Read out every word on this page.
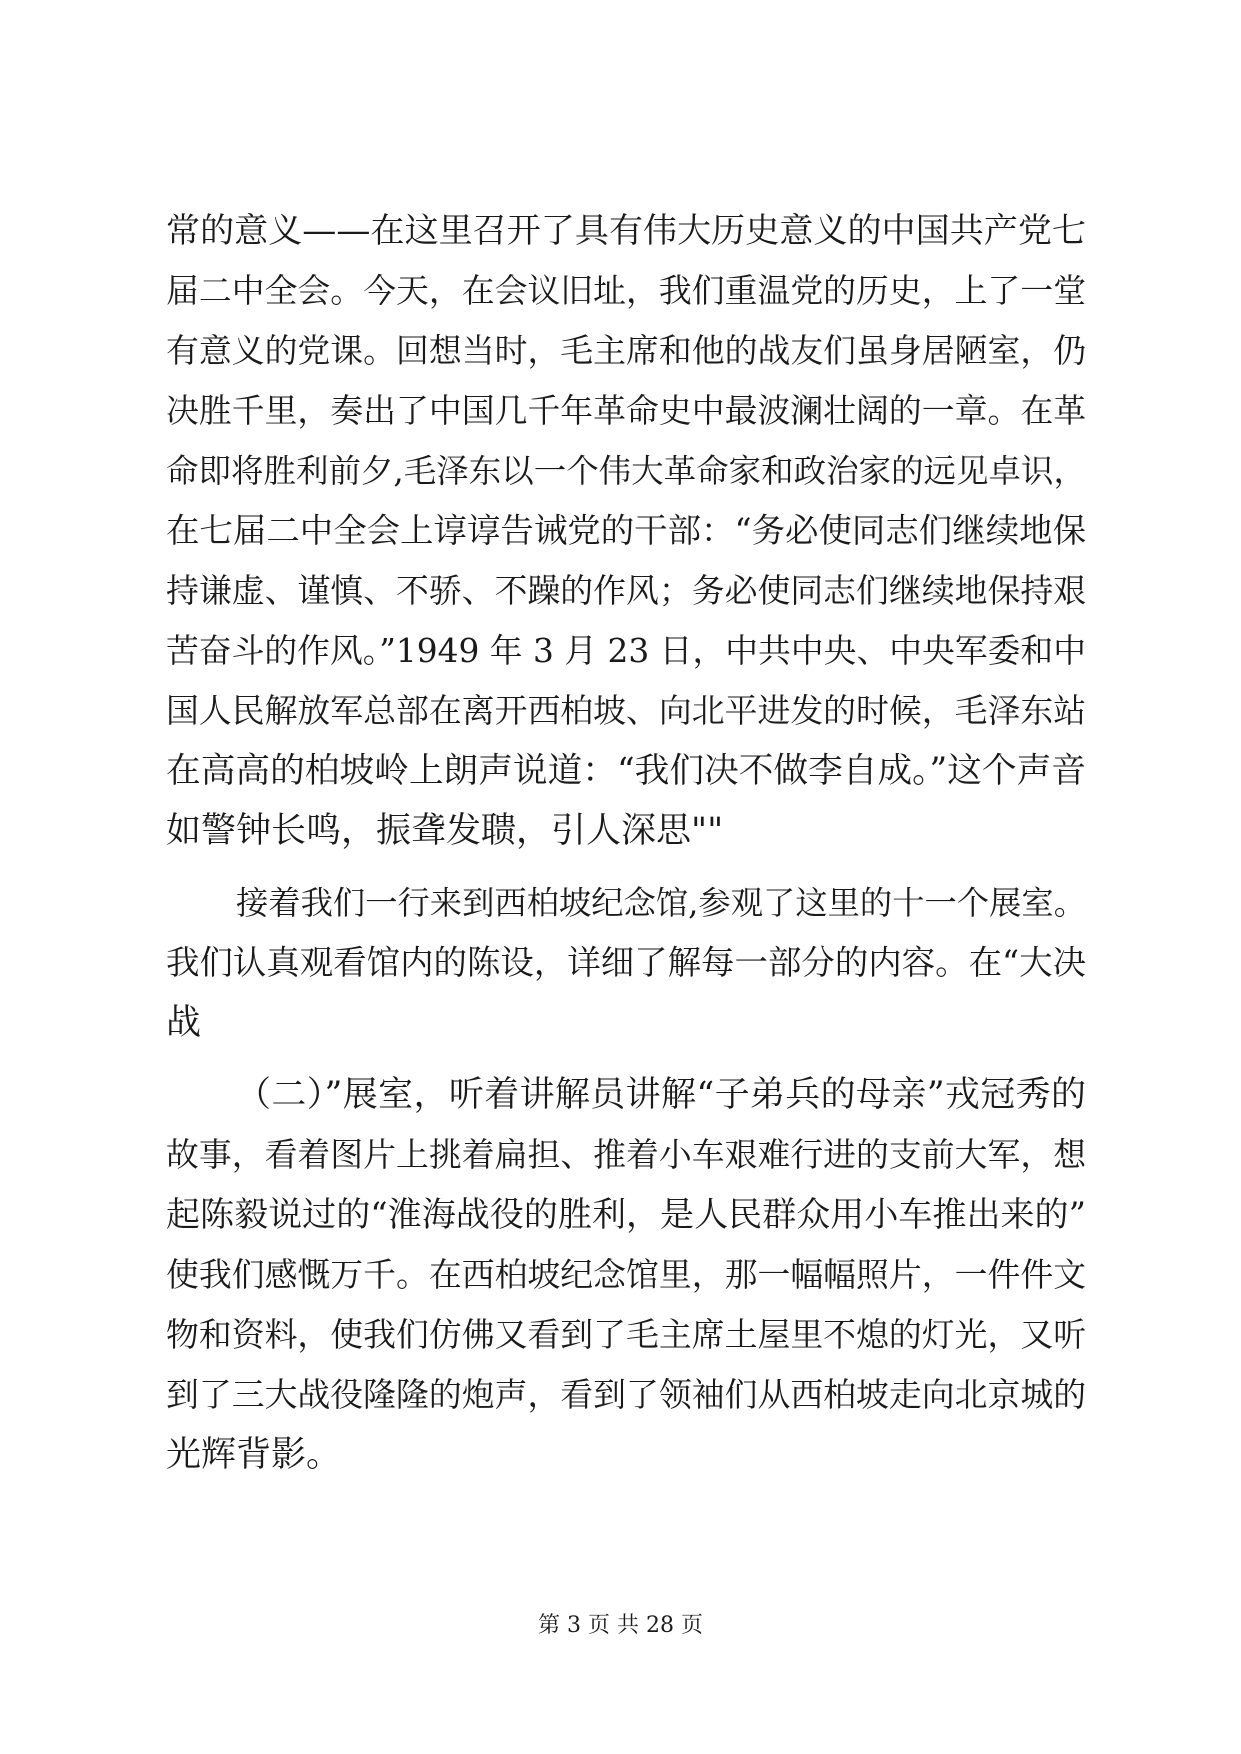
常的意义——在这里召开了具有伟大历史意义的中国共产党七
届二中全会。今天，在会议旧址，我们重温党的历史，上了一堂
有意义的党课。回想当时，毛主席和他的战友们虽身居陋室，仍
决胜千里，奏出了中国几千年革命史中最波澜壮阔的一章。在革
命即将胜利前夕,毛泽东以一个伟大革命家和政治家的远见卓识，
在七届二中全会上谆谆告诫党的干部：“务必使同志们继续地保
持谦虚、谨慎、不骄、不躁的作风；务必使同志们继续地保持艰
苦奋斗的作风。”1949 年 3 月 23 日，中共中央、中央军委和中
国人民解放军总部在离开西柏坡、向北平进发的时候，毛泽东站
在高高的柏坡岭上朗声说道：“我们决不做李自成。”这个声音
如警钟长鸣，振聋发聩，引人深思""
接着我们一行来到西柏坡纪念馆,参观了这里的十一个展室。
我们认真观看馆内的陈设，详细了解每一部分的内容。在“大决
战
（二）”展室，听着讲解员讲解“子弟兵的母亲”戎冠秀的
故事，看着图片上挑着扁担、推着小车艰难行进的支前大军，想
起陈毅说过的“淮海战役的胜利，是人民群众用小车推出来的”
使我们感慨万千。在西柏坡纪念馆里，那一幅幅照片，一件件文
物和资料，使我们仿佛又看到了毛主席土屋里不熄的灯光，又听
到了三大战役隆隆的炮声，看到了领袖们从西柏坡走向北京城的
光辉背影。
第 3 页 共 28 页
